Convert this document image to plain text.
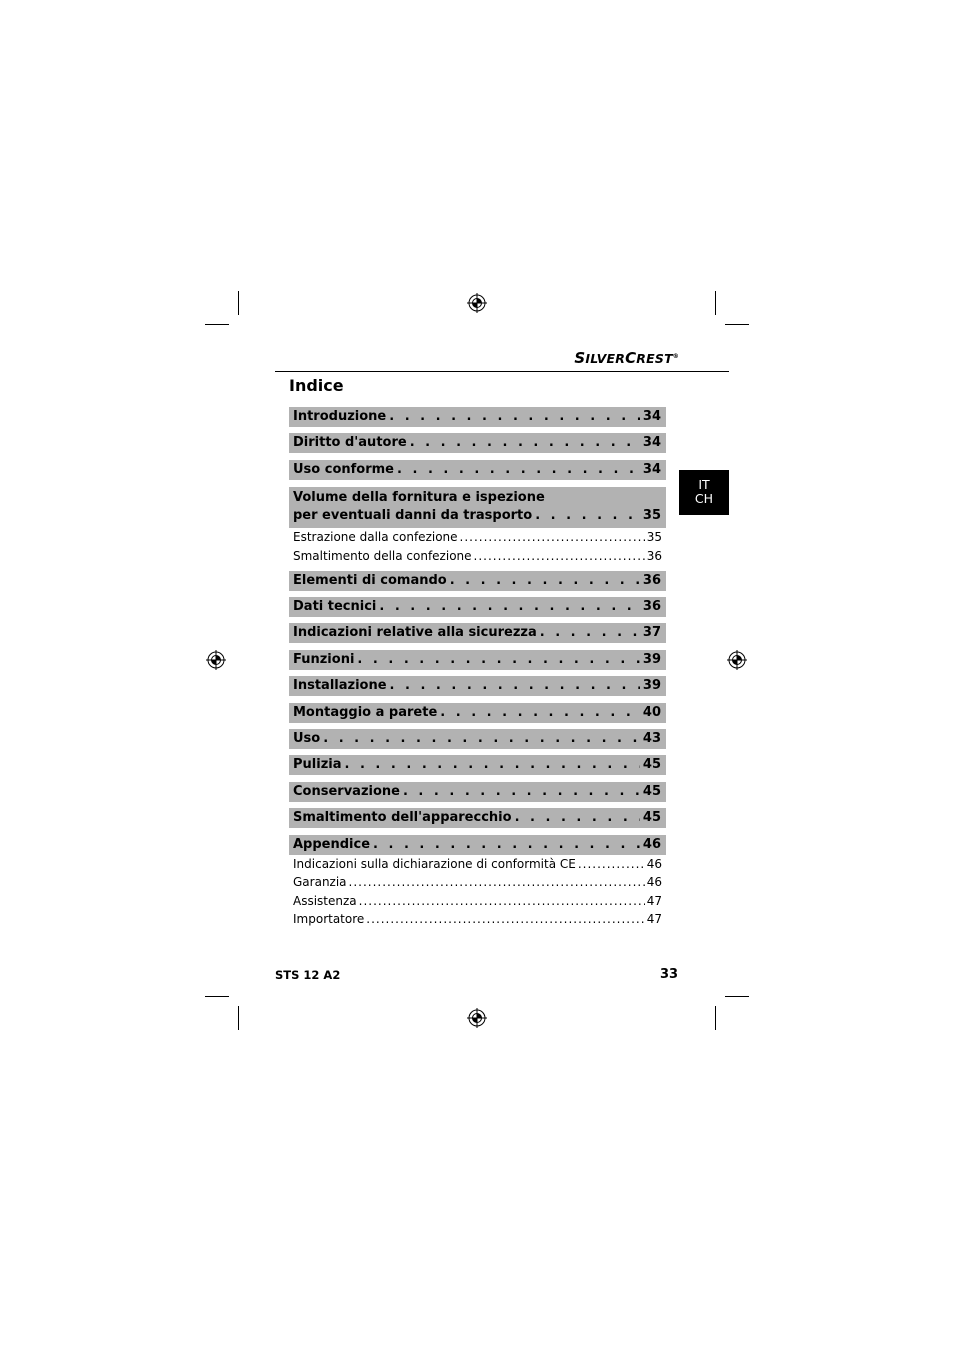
SILVERCREST®
Indice
IT
CH
Introduzione . . .	34
Diritto d'autore . . .	34
Uso conforme . . .	34
Volume della fornitura e ispezione
per eventuali danni da trasporto . . .	35
Estrazione dalla confezione .....	35
Smaltimento della confezione .....	36
Elementi di comando . . .	36
Dati tecnici . . .	36
Indicazioni relative alla sicurezza . . .	37
Funzioni . . .	39
Installazione . . .	39
Montaggio a parete . . .	40
Uso . . .	43
Pulizia . . .	45
Conservazione . . .	45
Smaltimento dell'apparecchio . . .	45
Appendice . . .	46
Indicazioni sulla dichiarazione di conformità CE .....	46
Garanzia .....	46
Assistenza .....	47
Importatore .....	47
STS 12 A2	33
